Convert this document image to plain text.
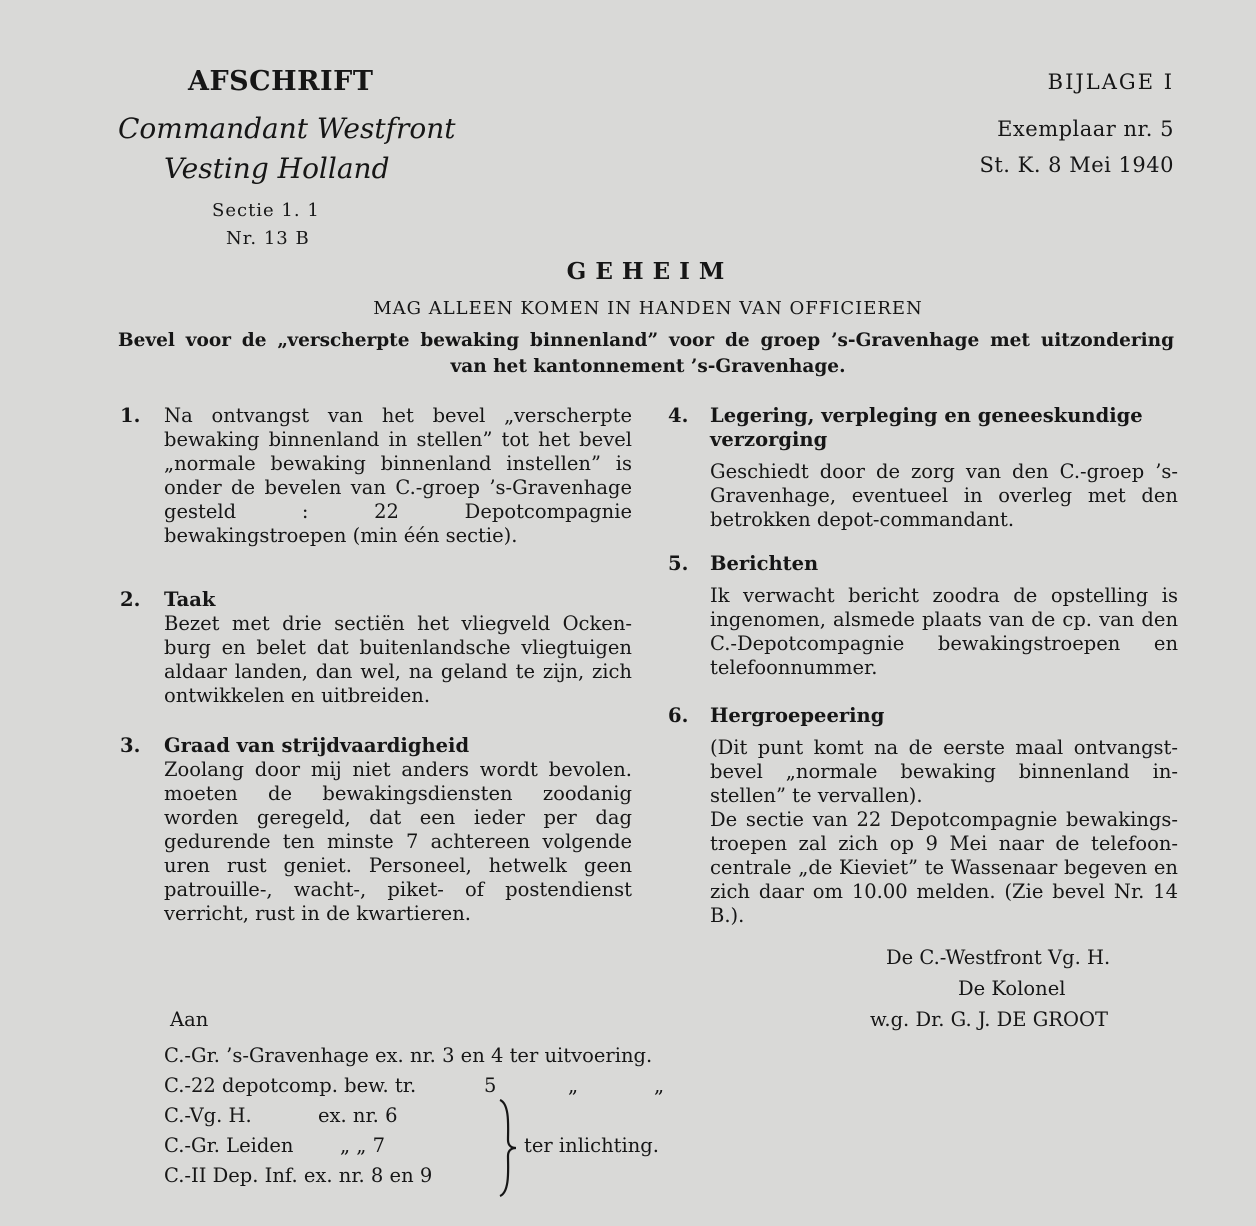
AFSCHRIFT
Commandant Westfront
Vesting Holland
Sectie 1. 1
Nr. 13 B
BIJLAGE I
Exemplaar nr. 5
St. K. 8 Mei 1940
GEHEIM
MAG ALLEEN KOMEN IN HANDEN VAN OFFICIEREN
Bevel voor de „verscherpte bewaking binnenland” voor de groep ’s-Gravenhage met uitzondering
van het kantonnement ’s-Gravenhage.
1. Na ontvangst van het bevel „verscherpte bewaking binnenland in stellen” tot het bevel „normale bewaking binnenland instellen” is onder de bevelen van C.-groep ’s-Gravenhage gesteld : 22 Depotcompagnie bewakingstroepen (min één sectie).
2. Taak
Bezet met drie sectiën het vliegveld Ockenburg en belet dat buitenlandsche vliegtuigen aldaar landen, dan wel, na geland te zijn, zich ontwikkelen en uitbreiden.
3. Graad van strijdvaardigheid
Zoolang door mij niet anders wordt bevolen. moeten de bewakingsdiensten zoodanig worden geregeld, dat een ieder per dag gedurende ten minste 7 achtereen volgende uren rust geniet. Personeel, hetwelk geen patrouille-, wacht-, piket- of postendienst verricht, rust in de kwartieren.
4. Legering, verpleging en geneeskundige verzorging
Geschiedt door de zorg van den C.-groep ’s-Gravenhage, eventueel in overleg met den betrokken depot-commandant.
5. Berichten
Ik verwacht bericht zoodra de opstelling is ingenomen, alsmede plaats van de cp. van den C.-Depotcompagnie bewakingstroepen en telefoonnummer.
6. Hergroepeering
(Dit punt komt na de eerste maal ontvangstbevel „normale bewaking binnenland instellen” te vervallen).
De sectie van 22 Depotcompagnie bewakingstroepen zal zich op 9 Mei naar de telefooncentrale „de Kieviet” te Wassenaar begeven en zich daar om 10.00 melden. (Zie bevel Nr. 14 B.).
De C.-Westfront Vg. H.
De Kolonel
w.g. Dr. G. J. DE GROOT
Aan
C.-Gr. ’s-Gravenhage ex. nr. 3 en 4 ter uitvoering.
C.-22 depotcomp. bew. tr.	5	„	„
C.-Vg. H.	ex. nr. 6
C.-Gr. Leiden „ „ 7
C.-II Dep. Inf. ex. nr. 8 en 9
ter inlichting.
